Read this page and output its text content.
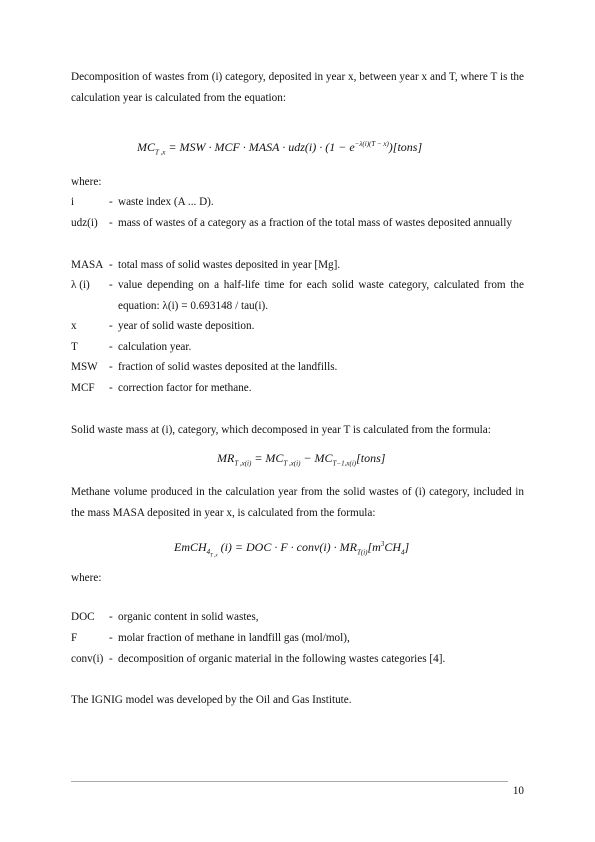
Decomposition of wastes from (i) category, deposited in year x, between year x and T, where T is the calculation year is calculated from the equation:

$MC_{T ,x}$ = MSW · MCF · MASA · $udz(i) \cdot (1 - e^{-\lambda(i)(T - x)})[tons]$

where:

i	- waste index (A ... D).
udz(i) - mass of wastes of a category as a fraction of the total mass of wastes deposited annually
MASA - total mass of solid wastes deposited in year [Mg].
λ (i) - value depending on a half-life time for each solid waste category, calculated from the equation: λ(i) = 0.693148 / tau(i).
x	- year of solid waste deposition.
T	- calculation year.
MSW - fraction of solid wastes deposited at the landfills.
MCF - correction factor for methane.

Solid waste mass at (i), category, which decomposed in year T is calculated from the formula:

$MR_{T ,x(i)} = MC_{T ,x(i)}$ − $MC_{T-1,x(i)}[tons]$

Methane volume produced in the calculation year from the solid wastes of (i) category, included in the mass MASA deposited in year x, is calculated from the formula:

EmCH$_{4_{T ,x}}$ (i) = DOC · F · conv(i) · $MR_{T(i)}[m^3CH_4]$

where:

DOC - organic content in solid wastes,
F	- molar fraction of methane in landfill gas (mol/mol),
conv(i) - decomposition of organic material in the following wastes categories [4].

The IGNIG model was developed by the Oil and Gas Institute.

10
